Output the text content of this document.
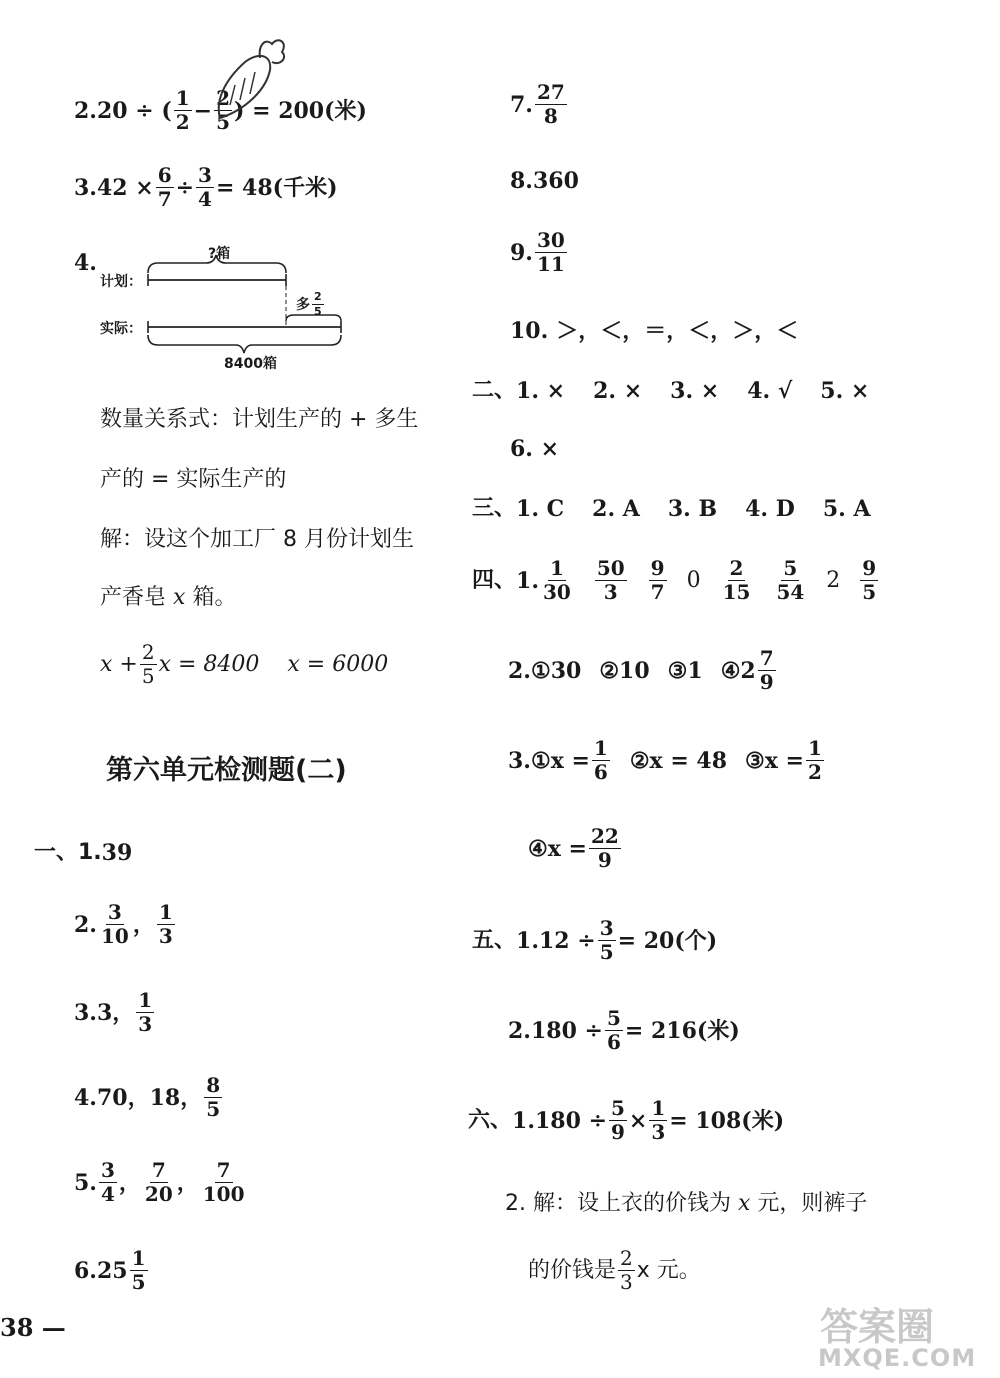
2. 20 ÷ ( 1
$2 - \frac{2}{5}$ ) = 200(米)
3. $42 \times \frac{6}{7} \div \frac{3}{4} = 48$(千米)
4.	?箱
计划：
实际：
多
2
5
8400箱
数量关系式：计划生产的 + 多生
产的 = 实际生产的
解：设这个加工厂 8 月份计划生
产香皂 x 箱。
$x + \frac{2}{5}$ x = 8400 x = 6000
第六单元检测题(二)
一、1. 39
2. 3
10 ， 1
3
3. 3， 1
3
4. 70，18， 8
5
5. 3
4 ， 7
20 ， 7
100
6. 25 1
5
38 —
7. 27
8
8. 360
9. 30
11
10. ＞，＜，＝，＜，＞，＜
二、 1. × 2. × 3. × 4. √ 5. ×
6. ×
三、 1. C 2. A 3. B 4. D 5. A
四、 1. 1
30
50
3
9
7 0 2
15
5
54 2 9
5
2. ①30 ②10 ③1 ④2 7
9
3. ①x = $\frac{1}{6}$ ②x = 48 ③x = $\frac{1}{2}$
④x = $\frac{22}{9}$
五、 1. $12 \div \frac{3}{5} = 20$(个)
2. $180 \div \frac{5}{6} = 216$(米)
六、 1. $180 \div \frac{5}{9} \times \frac{1}{3} = 108$(米)
2. 解：设上衣的价钱为 x 元，则裤子
的价钱是 2
3 x 元。
答案圈
MXQE.COM
